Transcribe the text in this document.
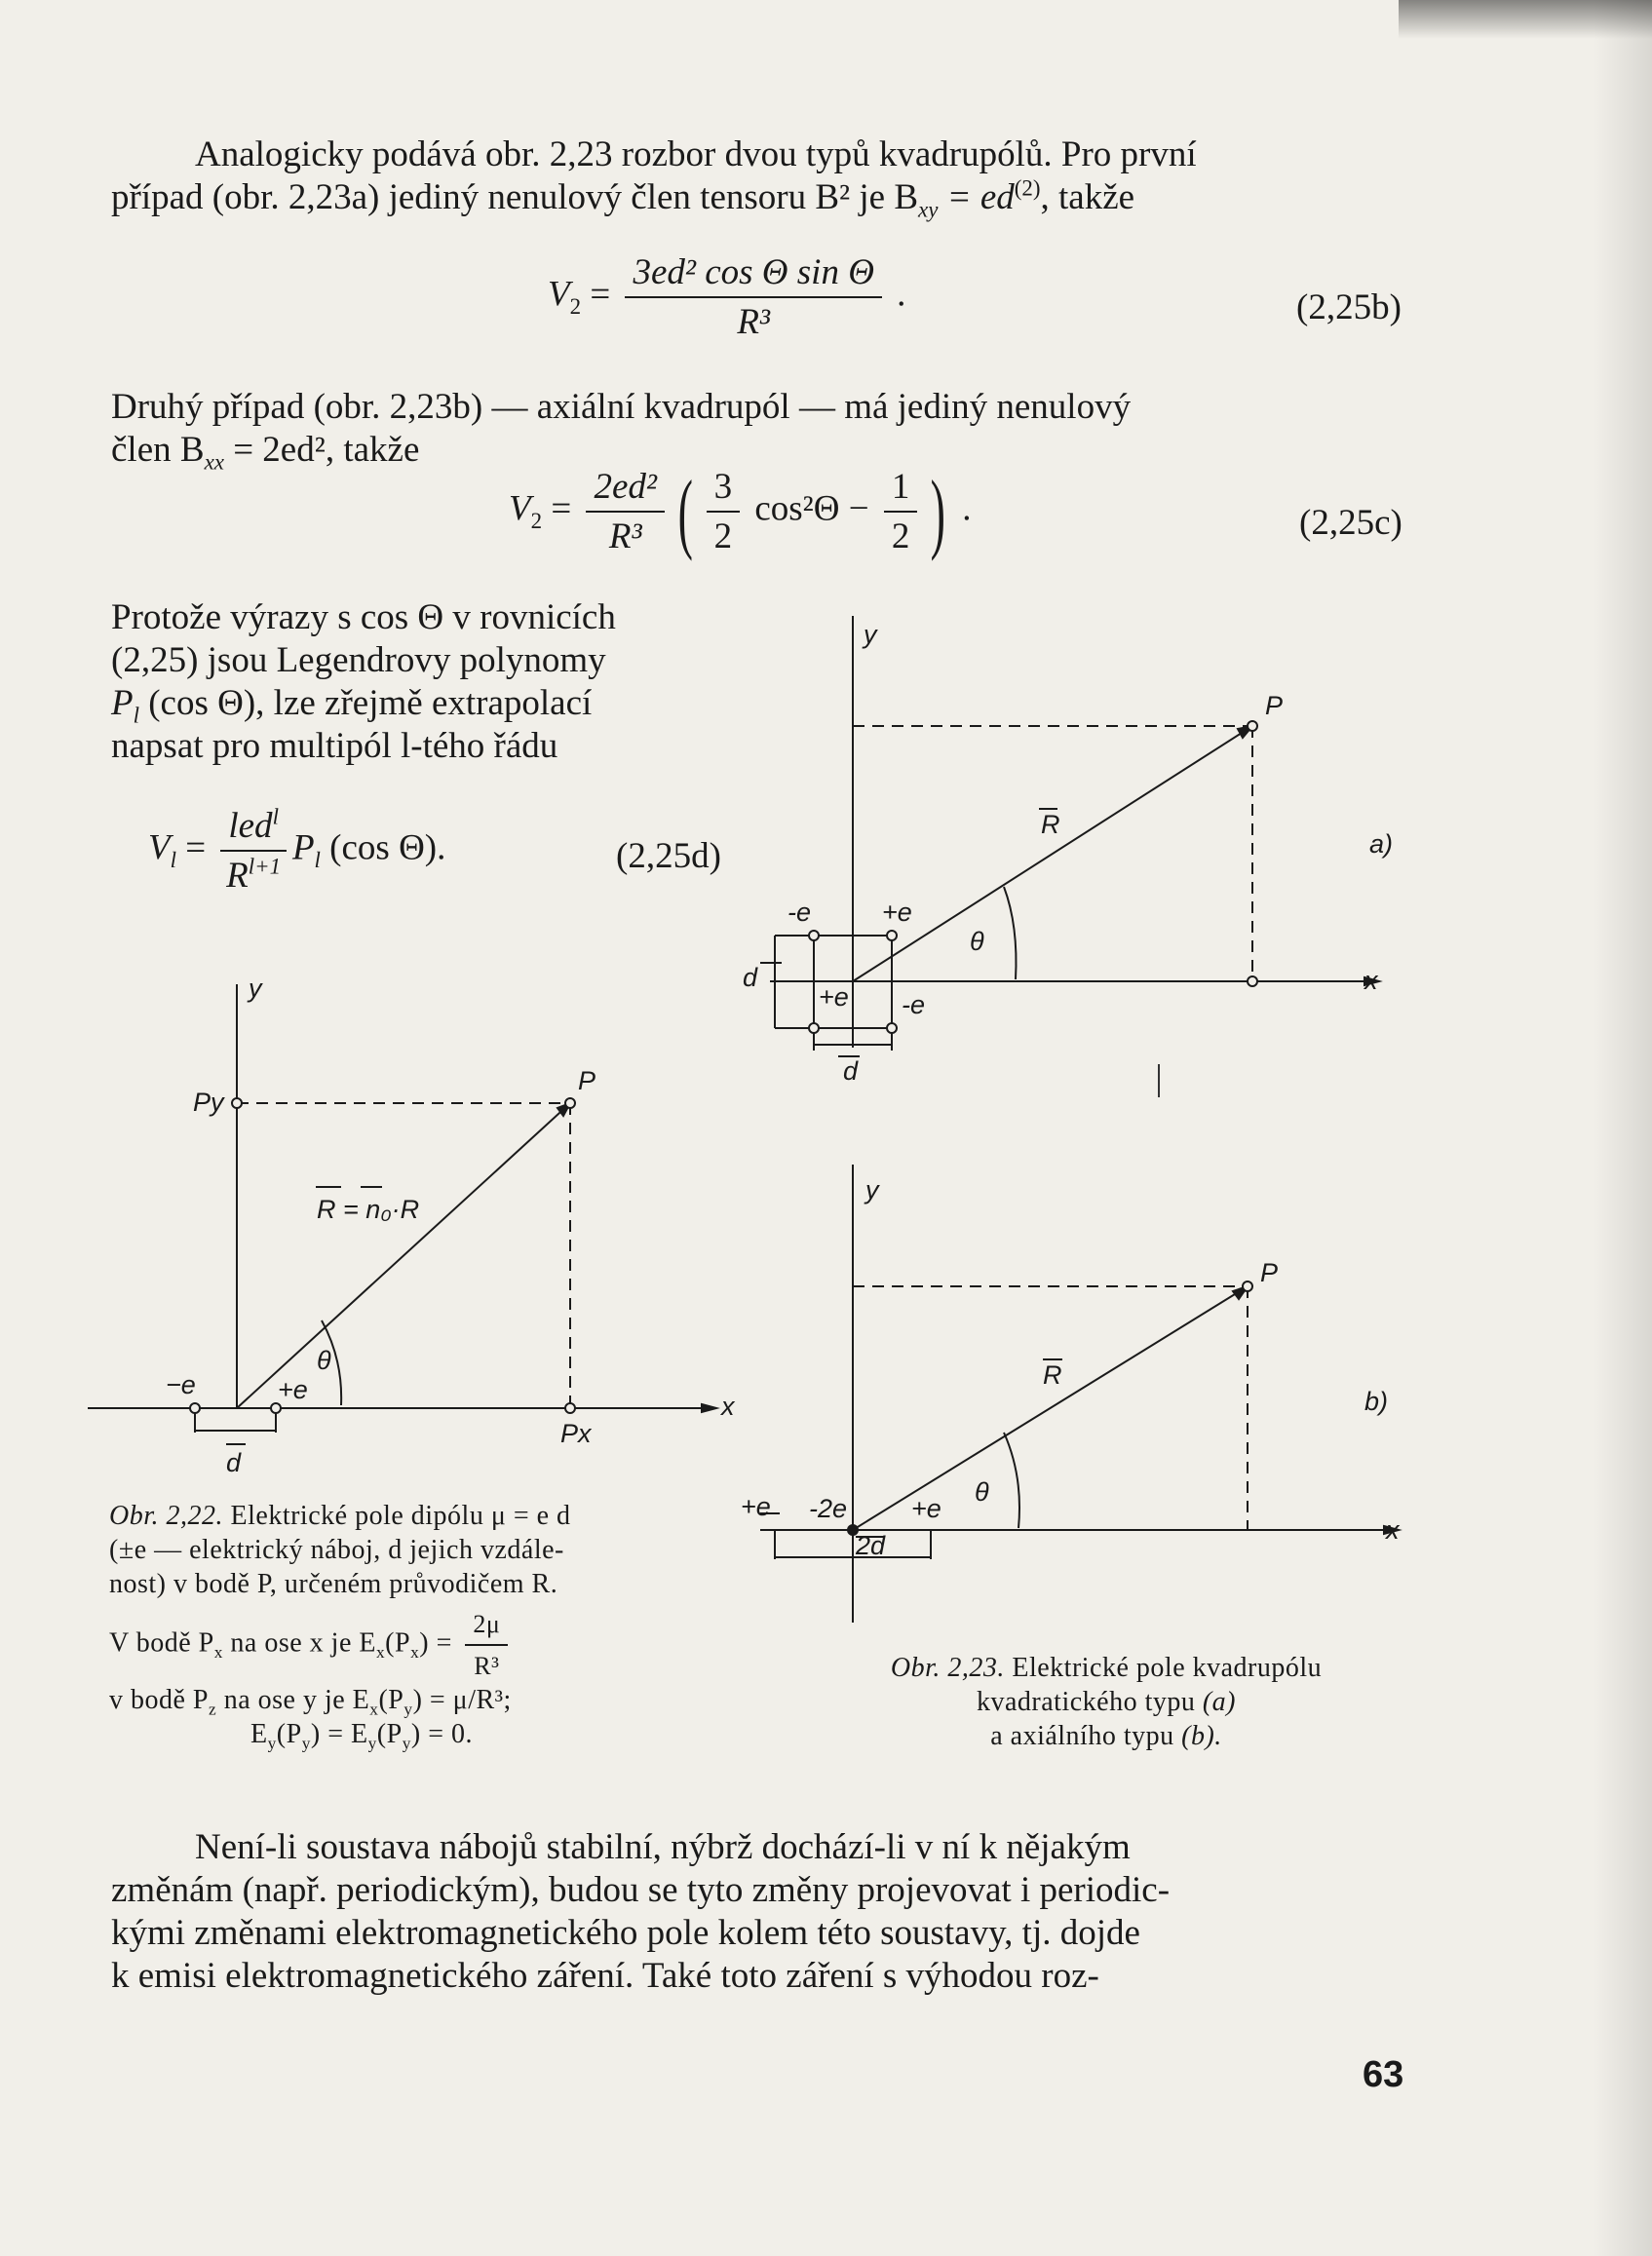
Analogicky podává obr. 2,23 rozbor dvou typů kvadrupólů. Pro první
případ (obr. 2,23a) jediný nenulový člen tensoru B² je $B_{xy} = ed^{(2)}$, takže
$V_2 = \frac{\text{3ed² cos Θ sin Θ}}{\text{R³}}$ .	(2,25b)
Druhý případ (obr. 2,23b) — axiální kvadrupól — má jediný nenulový
člen $B_{xx} = 2ed^2$, takže
$V_2 = \frac{\text{2ed²}}{\text{R³}}$ ( $\frac{3}{2} \cos^2\Theta - \frac{1}{2}$ ) .	(2,25c)
Protože výrazy s cos Θ v rovnicích
(2,25) jsou Legendrovy polynomy
$P_l$ (cos Θ), lze zřejmě extrapolací
napsat pro multipól l-tého řádu
$V_l = \frac{led^l}{R^{l+1}} P_l$ (cos Θ).	(2,25d)
y
P
R
θ
-e	+e
+e -e
d
d
x
a)
y
Py
P
R = n₀·R
θ
−e	+e
Px
x
d
y
P
R
θ
+e -2e +e
2d
x
b)
Obr. 2,22. Elektrické pole dipólu μ = e d
(±e — elektrický náboj, d jejich vzdále-
nost) v bodě P, určeném průvodičem R.
V bodě $P_x$ na ose x je $E_x(P_x) = \frac{2\mu}{\text{R³}}$
v bodě $P_z$ na ose y je $E_x(P_y) = \mu/R^3$;
$E_y(P_y) = E_y(P_y) = 0$.
Obr. 2,23. Elektrické pole kvadrupólu
kvadratického typu (a)
a axiálního typu (b).
Není-li soustava nábojů stabilní, nýbrž dochází-li v ní k nějakým
změnám (např. periodickým), budou se tyto změny projevovat i periodic-
kými změnami elektromagnetického pole kolem této soustavy, tj. dojde
k emisi elektromagnetického záření. Také toto záření s výhodou roz-
63
